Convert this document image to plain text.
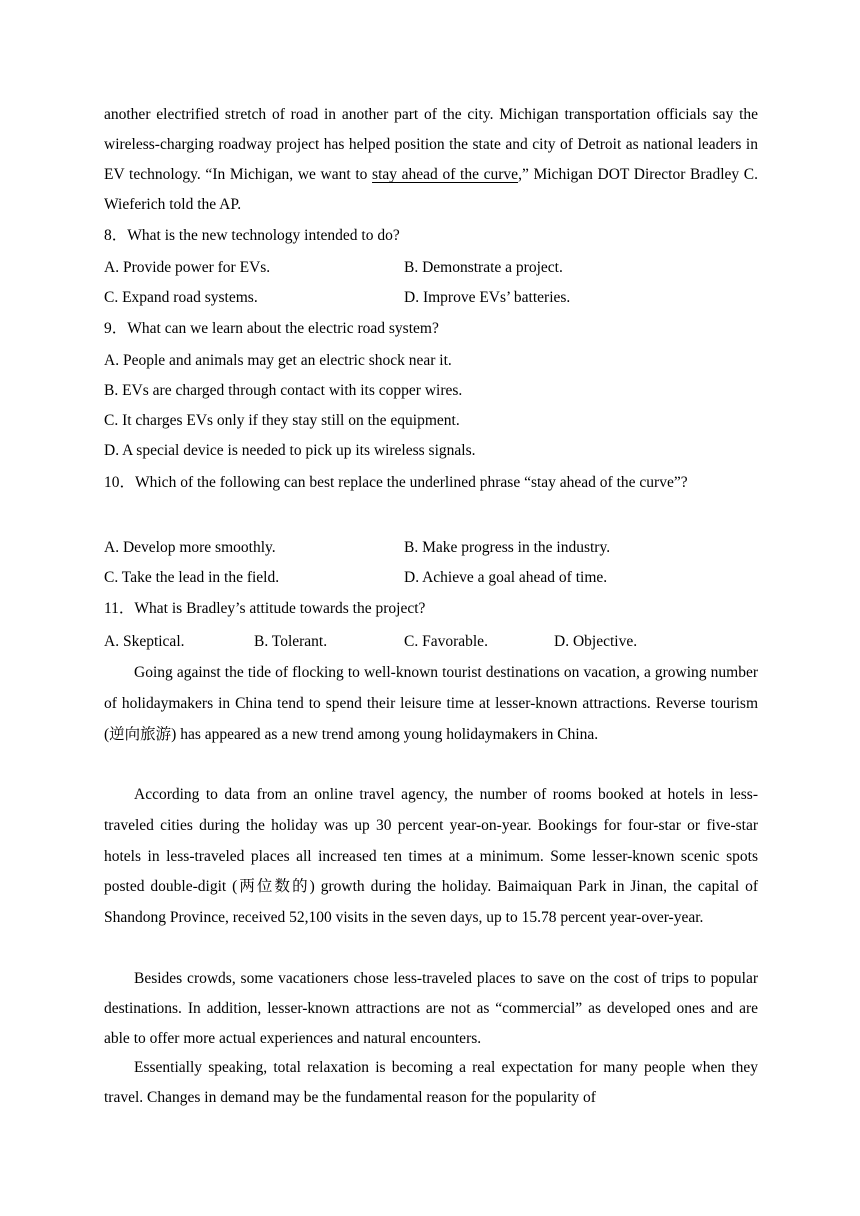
another electrified stretch of road in another part of the city. Michigan transportation officials say the wireless-charging roadway project has helped position the state and city of Detroit as national leaders in EV technology. “In Michigan, we want to stay ahead of the curve,” Michigan DOT Director Bradley C. Wieferich told the AP.

8．What is the new technology intended to do?
A. Provide power for EVs.	B. Demonstrate a project.
C. Expand road systems.	D. Improve EVs’ batteries.
9．What can we learn about the electric road system?
A. People and animals may get an electric shock near it.
B. EVs are charged through contact with its copper wires.
C. It charges EVs only if they stay still on the equipment.
D. A special device is needed to pick up its wireless signals.

10．Which of the following can best replace the underlined phrase “stay ahead of the curve”?

A. Develop more smoothly.	B. Make progress in the industry.
C. Take the lead in the field.	D. Achieve a goal ahead of time.
11．What is Bradley’s attitude towards the project?
A. Skeptical.	B. Tolerant.	C. Favorable.	D. Objective.

Going against the tide of flocking to well-known tourist destinations on vacation, a growing number of holidaymakers in China tend to spend their leisure time at lesser-known attractions. Reverse tourism (逆向旅游) has appeared as a new trend among young holidaymakers in China.

According to data from an online travel agency, the number of rooms booked at hotels in less-traveled cities during the holiday was up 30 percent year-on-year. Bookings for four-star or five-star hotels in less-traveled places all increased ten times at a minimum. Some lesser-known scenic spots posted double-digit (两位数的) growth during the holiday. Baimaiquan Park in Jinan, the capital of Shandong Province, received 52,100 visits in the seven days, up to 15.78 percent year-over-year.

Besides crowds, some vacationers chose less-traveled places to save on the cost of trips to popular destinations. In addition, lesser-known attractions are not as “commercial” as developed ones and are able to offer more actual experiences and natural encounters.

Essentially speaking, total relaxation is becoming a real expectation for many people when they travel. Changes in demand may be the fundamental reason for the popularity of
